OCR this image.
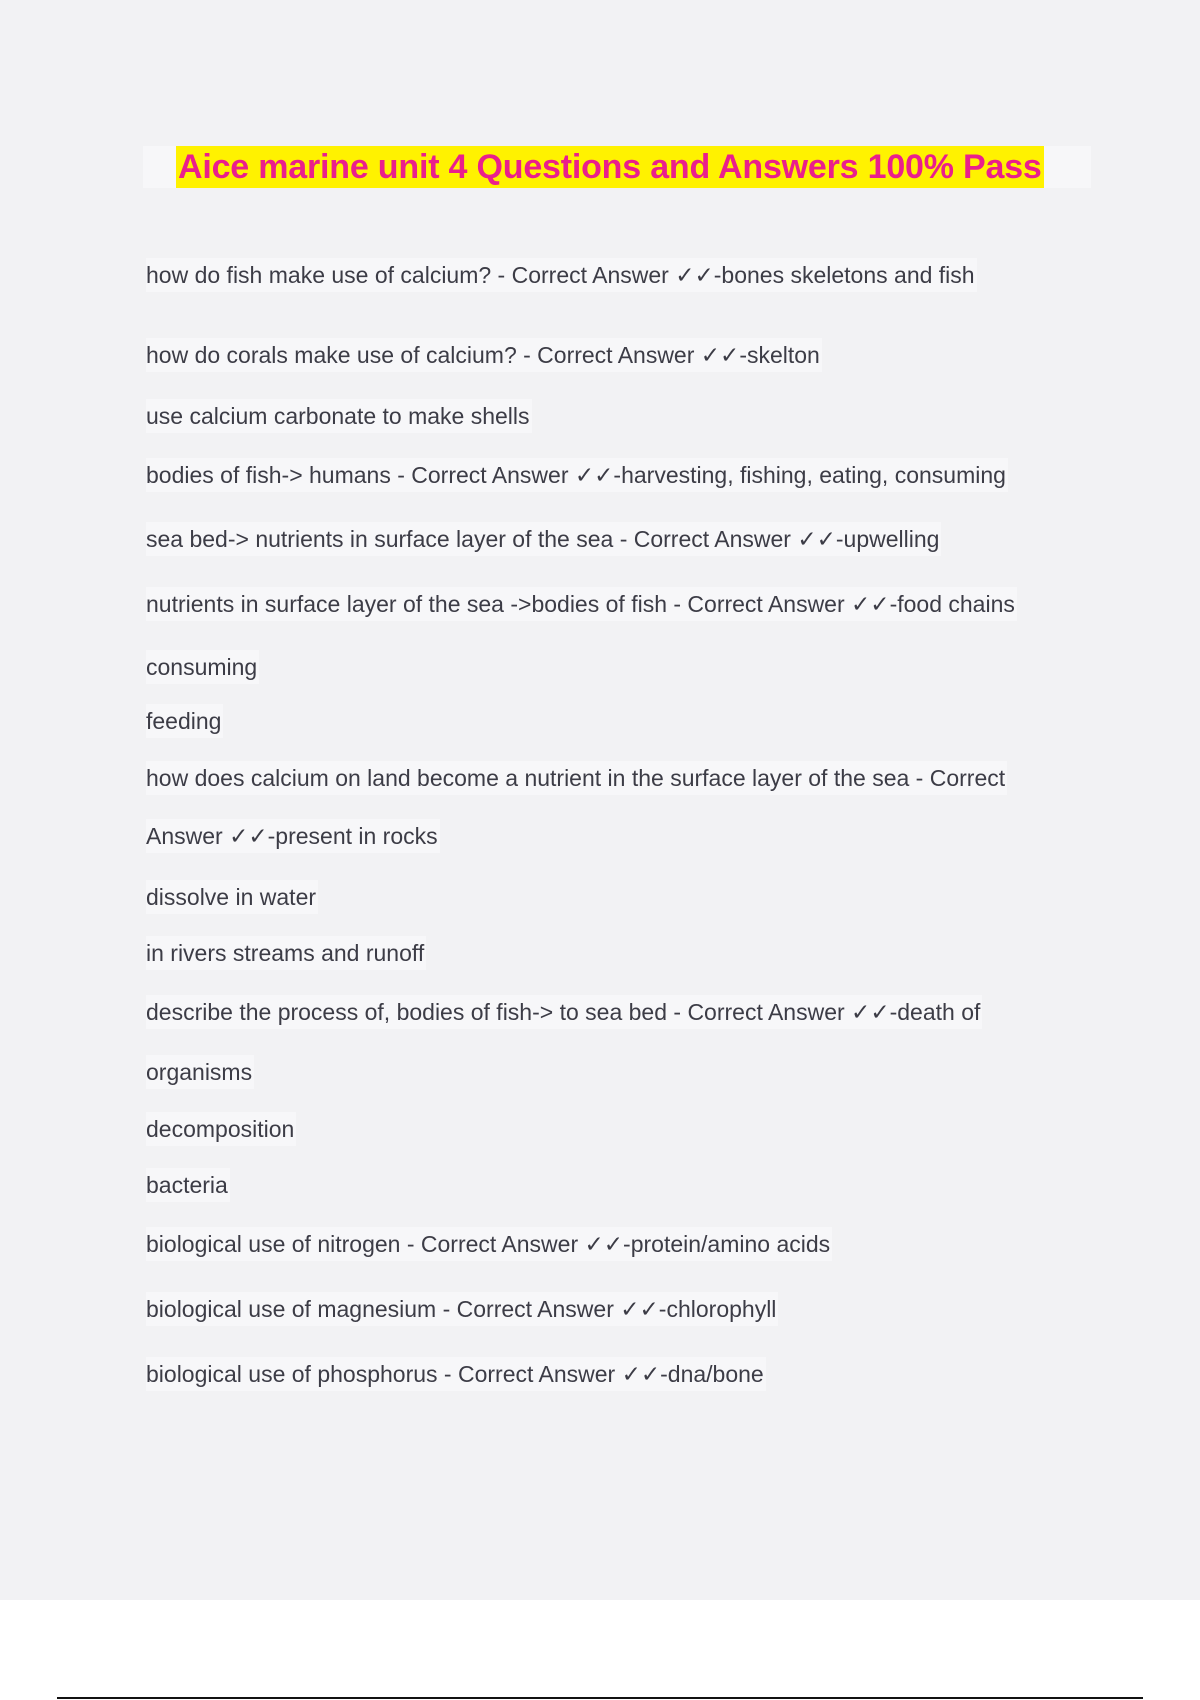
Aice marine unit 4 Questions and Answers 100% Pass
how do fish make use of calcium? - Correct Answer ✓✓-bones skeletons and fish
how do corals make use of calcium? - Correct Answer ✓✓-skelton
use calcium carbonate to make shells
bodies of fish-> humans - Correct Answer ✓✓-harvesting, fishing, eating, consuming
sea bed-> nutrients in surface layer of the sea - Correct Answer ✓✓-upwelling
nutrients in surface layer of the sea ->bodies of fish - Correct Answer ✓✓-food chains
consuming
feeding
how does calcium on land become a nutrient in the surface layer of the sea - Correct
Answer ✓✓-present in rocks
dissolve in water
in rivers streams and runoff
describe the process of, bodies of fish-> to sea bed - Correct Answer ✓✓-death of
organisms
decomposition
bacteria
biological use of nitrogen - Correct Answer ✓✓-protein/amino acids
biological use of magnesium - Correct Answer ✓✓-chlorophyll
biological use of phosphorus - Correct Answer ✓✓-dna/bone
